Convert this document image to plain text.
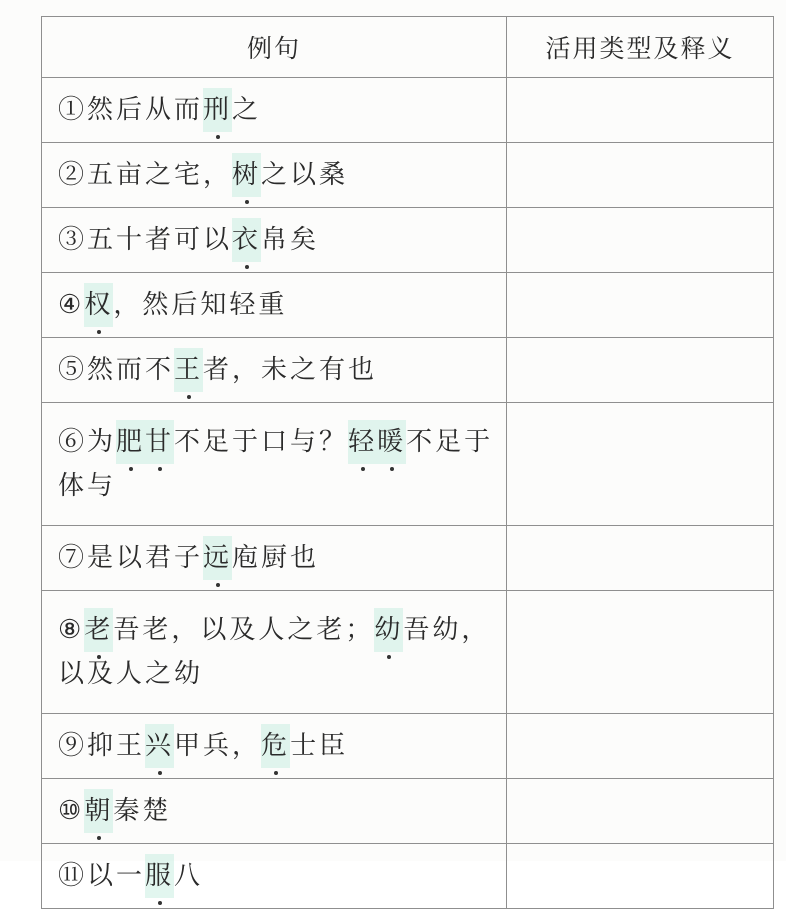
例句	活用类型及释义
①然后从而刑之	
②五亩之宅，树之以桑	
③五十者可以衣帛矣	
④权，然后知轻重	
⑤然而不王者，未之有也	
⑥为肥甘不足于口与？轻暖不足于体与	
⑦是以君子远庖厨也	
⑧老吾老，以及人之老；幼吾幼，以及人之幼	
⑨抑王兴甲兵，危士臣	
⑩朝秦楚	
⑪以一服八	
